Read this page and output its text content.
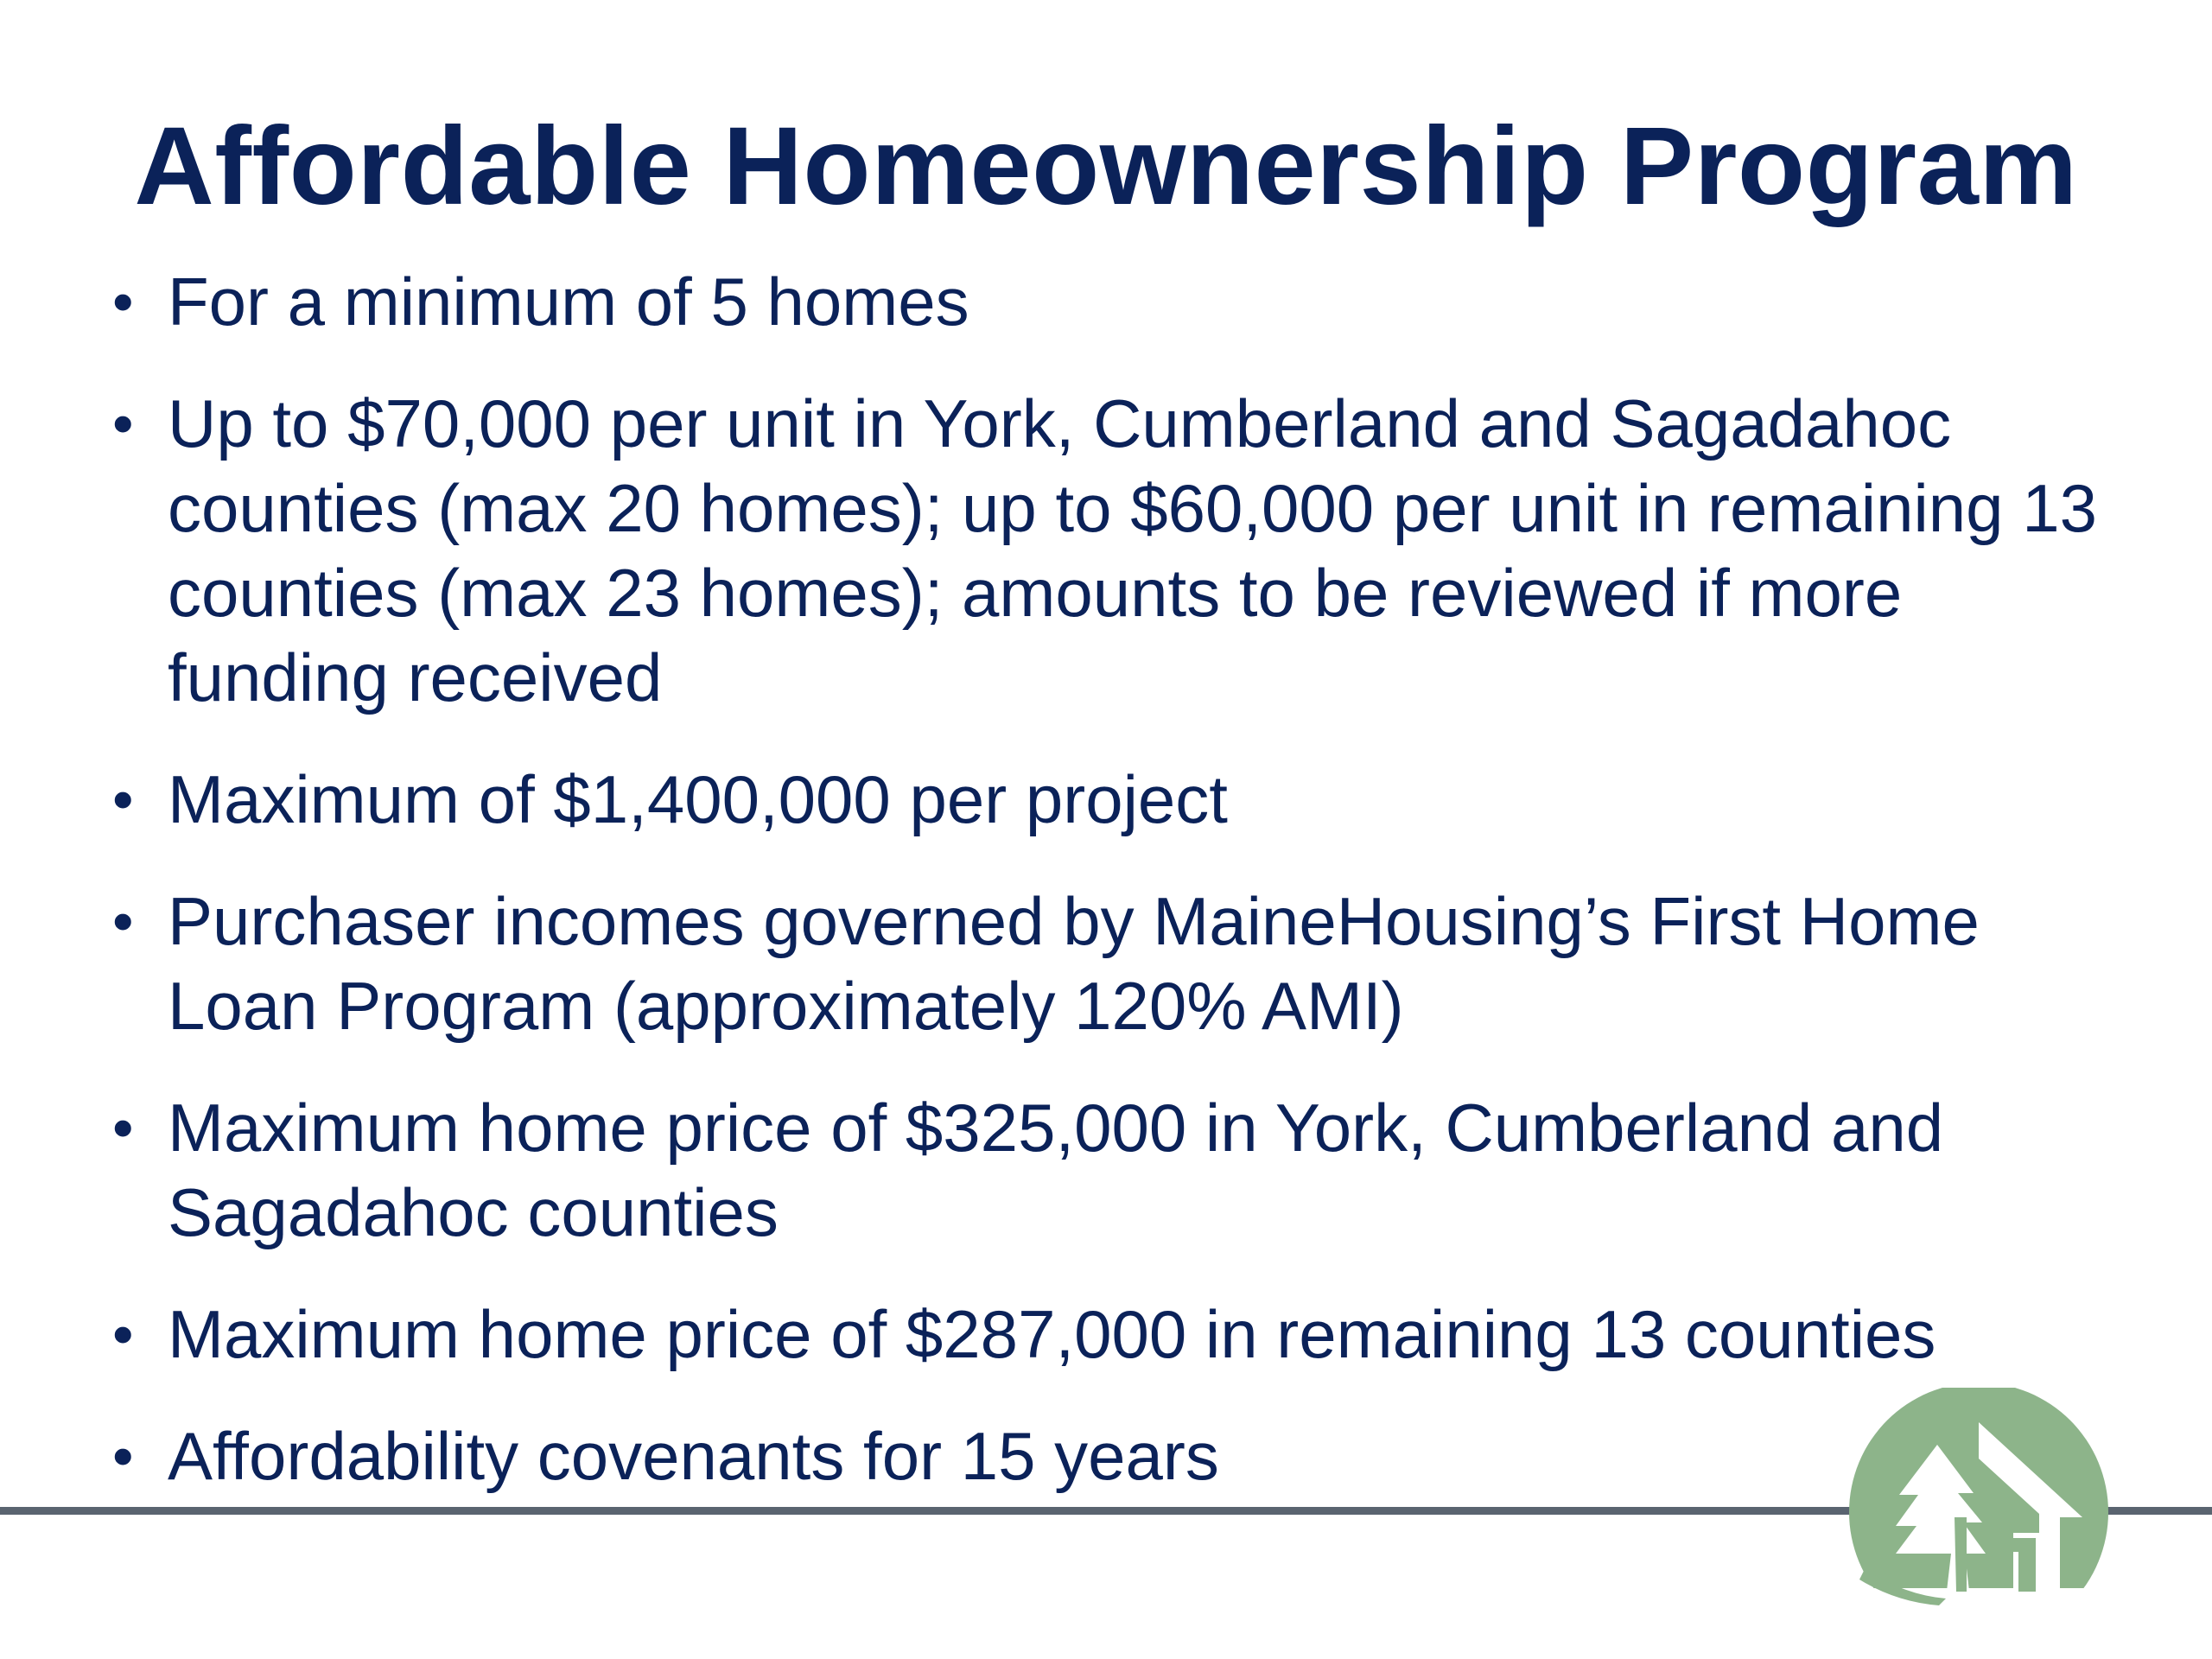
Affordable Homeownership Program
• For a minimum of 5 homes
• Up to $70,000 per unit in York, Cumberland and Sagadahoc counties (max 20 homes); up to $60,000 per unit in remaining 13 counties (max 23 homes); amounts to be reviewed if more funding received
• Maximum of $1,400,000 per project
• Purchaser incomes governed by MaineHousing’s First Home Loan Program (approximately 120% AMI)
• Maximum home price of $325,000 in York, Cumberland and Sagadahoc counties
• Maximum home price of $287,000 in remaining 13 counties
• Affordability covenants for 15 years
